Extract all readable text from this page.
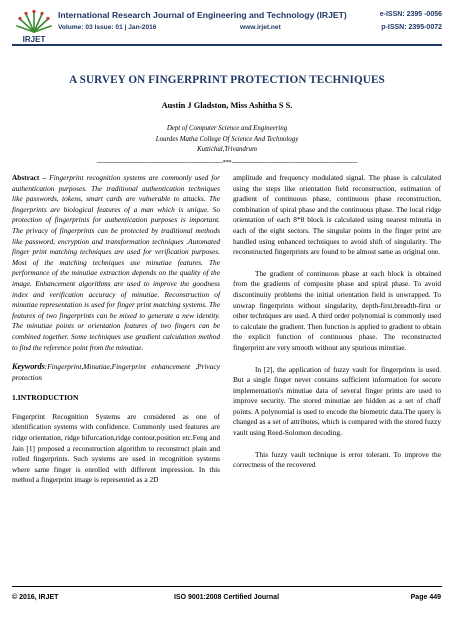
IRJET
International Research Journal of Engineering and Technology (IRJET)	e-ISSN: 2395 -0056
Volume: 03 Issue: 01 | Jan-2016	www.irjet.net	p-ISSN: 2395-0072
A SURVEY ON FINGERPRINT PROTECTION TECHNIQUES
Austin J Gladston, Miss Ashitha S S.
Dept of Computer Science and Engineering
Lourdes Matha College Of Science And Technology
Kuttichal,Trivandrum
---------------------------------------------------------------------***---------------------------------------------------------------------

Abstract – Fingerprint recognition systems are commonly used for authentication purposes. The traditional authentication techniques like passwords, tokens, smart cards are vulnerable to attacks. The fingerprints are biological features of a man which is unique. So protection of fingerprints for authentication purposes is important. The privacy of fingerprints can be protected by traditional methods like password, encryption and transformation techniques .Automated finger print matching techniques are used for verification purposes. Most of the matching techniques use minutiae features. The performance of the minutiae extraction depends on the quality of the image. Enhancement algorithms are used to improve the goodness index and verification accuracy of minutiae. Reconstruction of minutiae representation is used for finger print matching systems. The features of two fingerprints can be mixed to generate a new identity. The minutiae points or orientation features of two fingers can be combined together. Some techniques use gradient calculation method to find the reference point from the minutiae.

Keywords:Fingerprint,Minutiae,Fingerprint enhancement ,Privacy protection

1.INTRODUCTION

Fingerprint Recognition Systems are considered as one of identification systems with confidence. Commonly used features are ridge orientation, ridge bifurcation,ridge contour,position etc.Feng and Jain [1] proposed a reconstruction algorithm to reconstruct plain and rolled fingerprints. Such systems are used in recognition systems where same finger is enrolled with different impression. In this method a fingerprint image is represented as a 2D

amplitude and frequency modulated signal. The phase is calculated using the steps like orientation field reconstruction, estimation of gradient of continuous phase, continuous phase reconstruction, combination of spiral phase and the continuous phase. The local ridge orientation of each 8*8 block is calculated using nearest minutia in each of the eight sectors. The singular points in the finger print are handled using enhanced techniques to avoid shift of singularity. The reconstructed fingerprints are found to be almost same as original one.

The gradient of continuous phase at each block is obtained from the gradients of composite phase and spiral phase. To avoid discontinuity problems the initial orientation field is unwrapped. To unwrap fingerprints without singularity, depth-first,breadth-first or other techniques are used. A third order polynomial is commonly used to calculate the gradient. Then function is applied to gradient to obtain the explicit function of continuous phase. The reconstructed fingerprint are very smooth without any spurious minutiae.

In [2], the application of fuzzy vault for fingerprints is used. But a single finger never contains sufficient information for secure implementation's minutiae data of several finger prints are used to improve security. The stored minutiae are hidden as a set of chaff points. A polynomial is used to encode the biometric data.The query is changed as a set of attributes, which is compared with the stored fuzzy vault using Reed-Solomon decoding.

This fuzzy vault technique is error tolerant. To improve the correctness of the recovered

© 2016, IRJET	ISO 9001:2008 Certified Journal	Page 449
